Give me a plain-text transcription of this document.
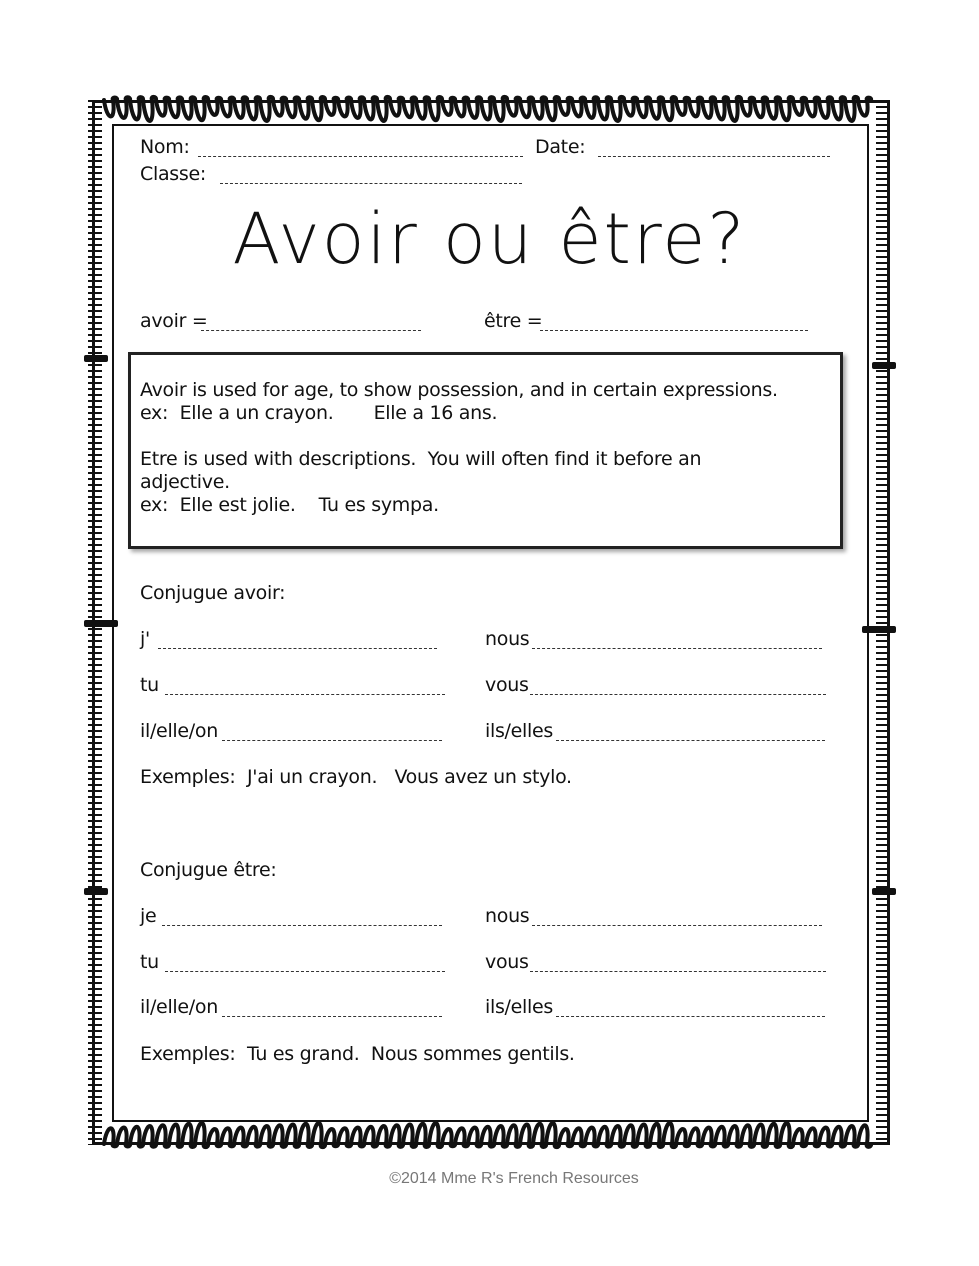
Nom:	Date:
Classe:
Avoir ou être?
avoir =	être =
Avoir is used for age, to show possession, and in certain expressions.
ex:  Elle a un crayon.       Elle a 16 ans.
Etre is used with descriptions.  You will often find it before an
adjective.
ex:  Elle est jolie.    Tu es sympa.
Conjugue avoir:
j'	nous
tu	vous
il/elle/on	ils/elles
Exemples:  J'ai un crayon.   Vous avez un stylo.
Conjugue être:
je	nous
tu	vous
il/elle/on	ils/elles
Exemples:  Tu es grand.  Nous sommes gentils.
©2014 Mme R's French Resources
